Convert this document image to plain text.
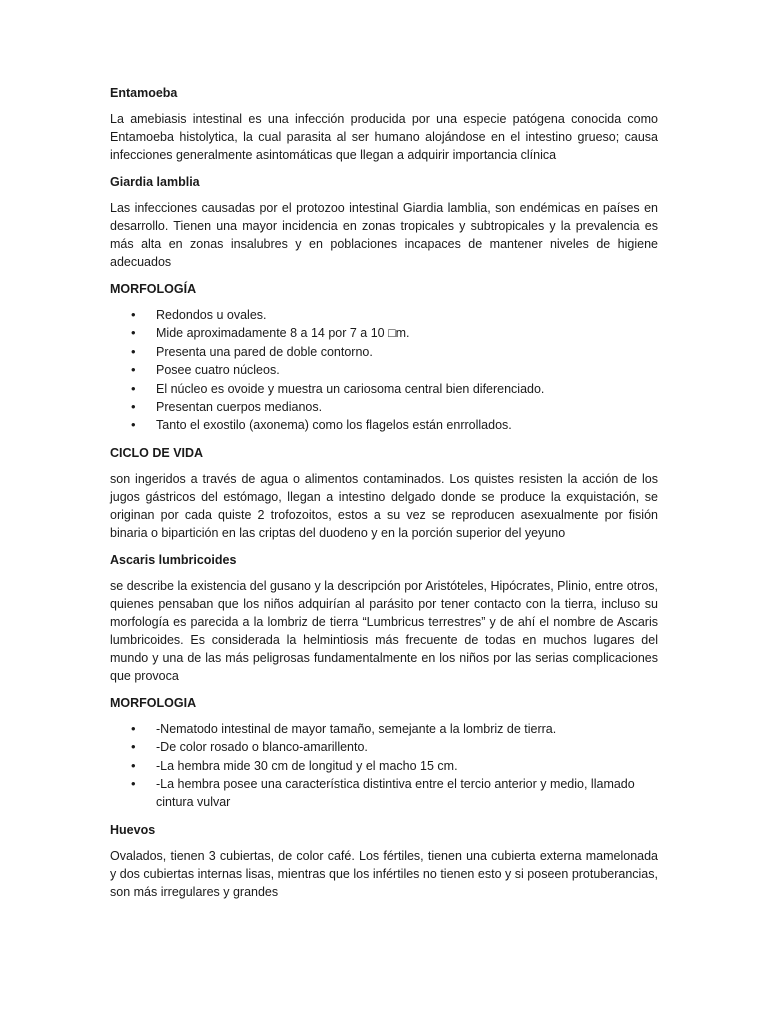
Entamoeba

La amebiasis intestinal es una infección producida por una especie patógena conocida como Entamoeba histolytica, la cual parasita al ser humano alojándose en el intestino grueso; causa infecciones generalmente asintomáticas que llegan a adquirir importancia clínica

Giardia lamblia

Las infecciones causadas por el protozoo intestinal Giardia lamblia, son endémicas en países en desarrollo. Tienen una mayor incidencia en zonas tropicales y subtropicales y la prevalencia es más alta en zonas insalubres y en poblaciones incapaces de mantener niveles de higiene adecuados

MORFOLOGÍA
• Redondos u ovales.
• Mide aproximadamente 8 a 14 por 7 a 10 □m.
• Presenta una pared de doble contorno.
• Posee cuatro núcleos.
• El núcleo es ovoide y muestra un cariosoma central bien diferenciado.
• Presentan cuerpos medianos.
• Tanto el exostilo (axonema) como los flagelos están enrrollados.
CICLO DE VIDA

son ingeridos a través de agua o alimentos contaminados. Los quistes resisten la acción de los jugos gástricos del estómago, llegan a intestino delgado donde se produce la exquistación, se originan por cada quiste 2 trofozoitos, estos a su vez se reproducen asexualmente por fisión binaria o bipartición en las criptas del duodeno y en la porción superior del yeyuno

Ascaris lumbricoides

se describe la existencia del gusano y la descripción por Aristóteles, Hipócrates, Plinio, entre otros, quienes pensaban que los niños adquirían al parásito por tener contacto con la tierra, incluso su morfología es parecida a la lombriz de tierra “Lumbricus terrestres” y de ahí el nombre de Ascaris lumbricoides. Es considerada la helmintiosis más frecuente de todas en muchos lugares del mundo y una de las más peligrosas fundamentalmente en los niños por las serias complicaciones que provoca

MORFOLOGIA
• -Nematodo intestinal de mayor tamaño, semejante a la lombriz de tierra.
• -De color rosado o blanco-amarillento.
• -La hembra mide 30 cm de longitud y el macho 15 cm.
• -La hembra posee una característica distintiva entre el tercio anterior y medio, llamado cintura vulvar
Huevos

Ovalados, tienen 3 cubiertas, de color café. Los fértiles, tienen una cubierta externa mamelonada y dos cubiertas internas lisas, mientras que los infértiles no tienen esto y si poseen protuberancias, son más irregulares y grandes
